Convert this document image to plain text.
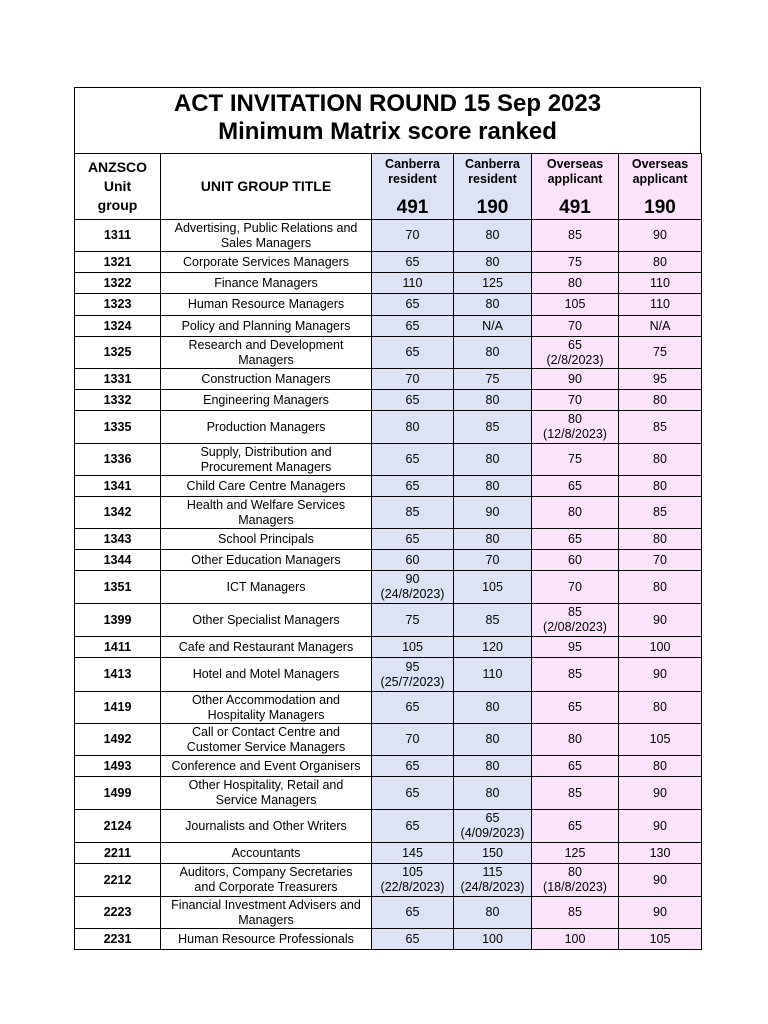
ACT INVITATION ROUND 15 Sep 2023
Minimum Matrix score ranked
ANZSCO
Unit
group	UNIT GROUP TITLE	Canberra
resident
491	Canberra
resident
190	Overseas
applicant
491	Overseas
applicant
190

1311	Advertising, Public Relations and
Sales Managers	70	80	85	90

1321	Corporate Services Managers	65	80	75	80

1322	Finance Managers	110	125	80	110

1323	Human Resource Managers	65	80	105	110

1324	Policy and Planning Managers	65	N/A	70	N/A

1325	Research and Development
Managers	65	80	65
(2/8/2023)	75

1331	Construction Managers	70	75	90	95

1332	Engineering Managers	65	80	70	80

1335	Production Managers	80	85	80
(12/8/2023)	85

1336	Supply, Distribution and
Procurement Managers	65	80	75	80

1341	Child Care Centre Managers	65	80	65	80

1342	Health and Welfare Services
Managers	85	90	80	85

1343	School Principals	65	80	65	80

1344	Other Education Managers	60	70	60	70

1351	ICT Managers	90
(24/8/2023)	105	70	80

1399	Other Specialist Managers	75	85	85
(2/08/2023)	90

1411	Cafe and Restaurant Managers	105	120	95	100

1413	Hotel and Motel Managers	95
(25/7/2023)	110	85	90

1419	Other Accommodation and
Hospitality Managers	65	80	65	80

1492	Call or Contact Centre and
Customer Service Managers	70	80	80	105

1493	Conference and Event Organisers	65	80	65	80

1499	Other Hospitality, Retail and
Service Managers	65	80	85	90

2124	Journalists and Other Writers	65	65
(4/09/2023)	65	90

2211	Accountants	145	150	125	130

2212	Auditors, Company Secretaries
and Corporate Treasurers	105
(22/8/2023)	115
(24/8/2023)	80
(18/8/2023)	90

2223	Financial Investment Advisers and
Managers	65	80	85	90

2231	Human Resource Professionals	65	100	100	105
